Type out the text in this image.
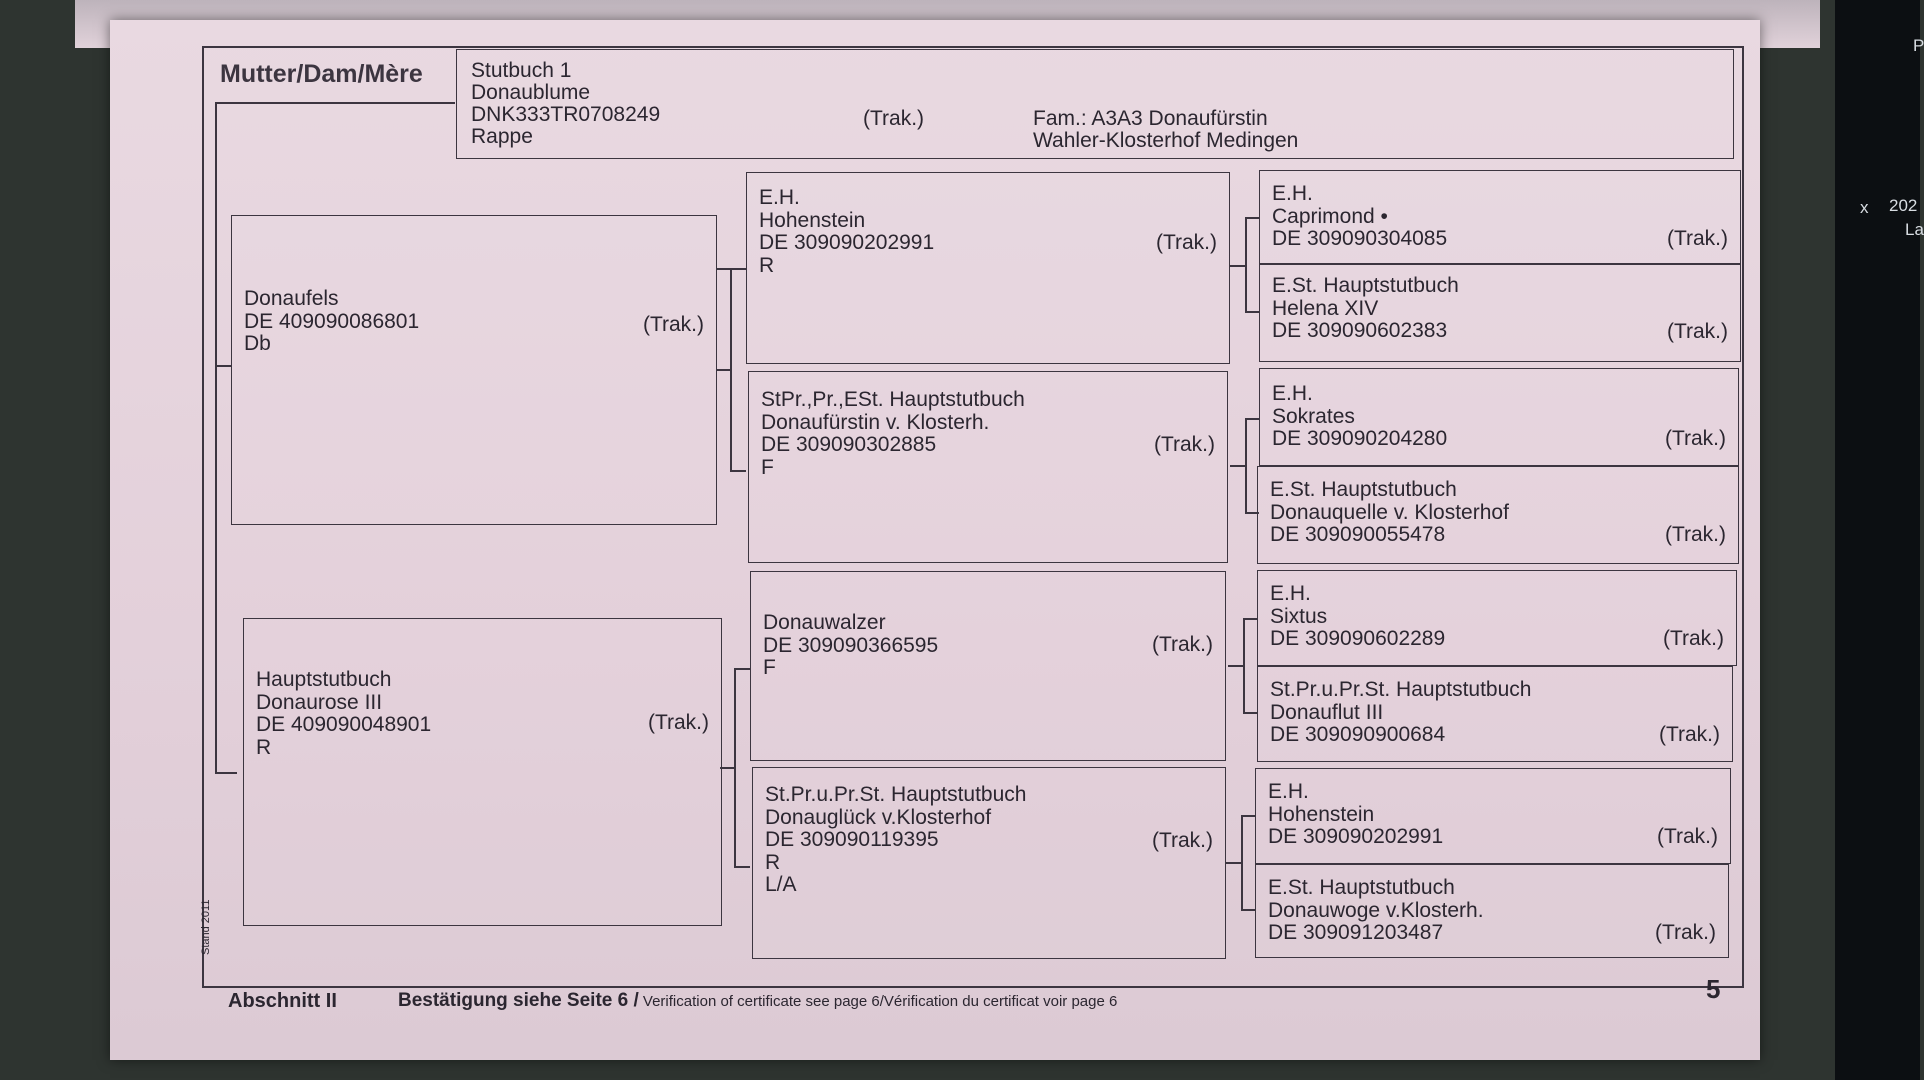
P
x 202
La
Mutter/Dam/Mère Stutbuch 1
Donaublume
DNK333TR0708249
Rappe
(Trak.)	Fam.: A3A3 Donaufürstin
Wahler-Klosterhof Medingen
Donaufels
DE 409090086801
Db
(Trak.)
Hauptstutbuch
Donaurose III
DE 409090048901
R
(Trak.)
E.H.
Hohenstein
DE 309090202991
R
(Trak.)
StPr.,Pr.,ESt. Hauptstutbuch
Donaufürstin v. Klosterh.
DE 309090302885
F
(Trak.)
Donauwalzer
DE 309090366595
F
(Trak.)
St.Pr.u.Pr.St. Hauptstutbuch
Donauglück v.Klosterhof
DE 309090119395
R
L/A
(Trak.)
E.H.
Caprimond •
DE 309090304085	(Trak.)
E.St. Hauptstutbuch
Helena XIV
DE 309090602383	(Trak.)
E.H.
Sokrates
DE 309090204280	(Trak.)
E.St. Hauptstutbuch
Donauquelle v. Klosterhof
DE 309090055478	(Trak.)
E.H.
Sixtus
DE 309090602289	(Trak.)
St.Pr.u.Pr.St. Hauptstutbuch
Donauflut III
DE 309090900684	(Trak.)
E.H.
Hohenstein
DE 309090202991	(Trak.)
E.St. Hauptstutbuch
Donauwoge v.Klosterh.
DE 309091203487	(Trak.)
Stand 2011
Abschnitt II	Bestätigung siehe Seite 6 / Verification of certificate see page 6/Vérification du certificat voir page 6	5
